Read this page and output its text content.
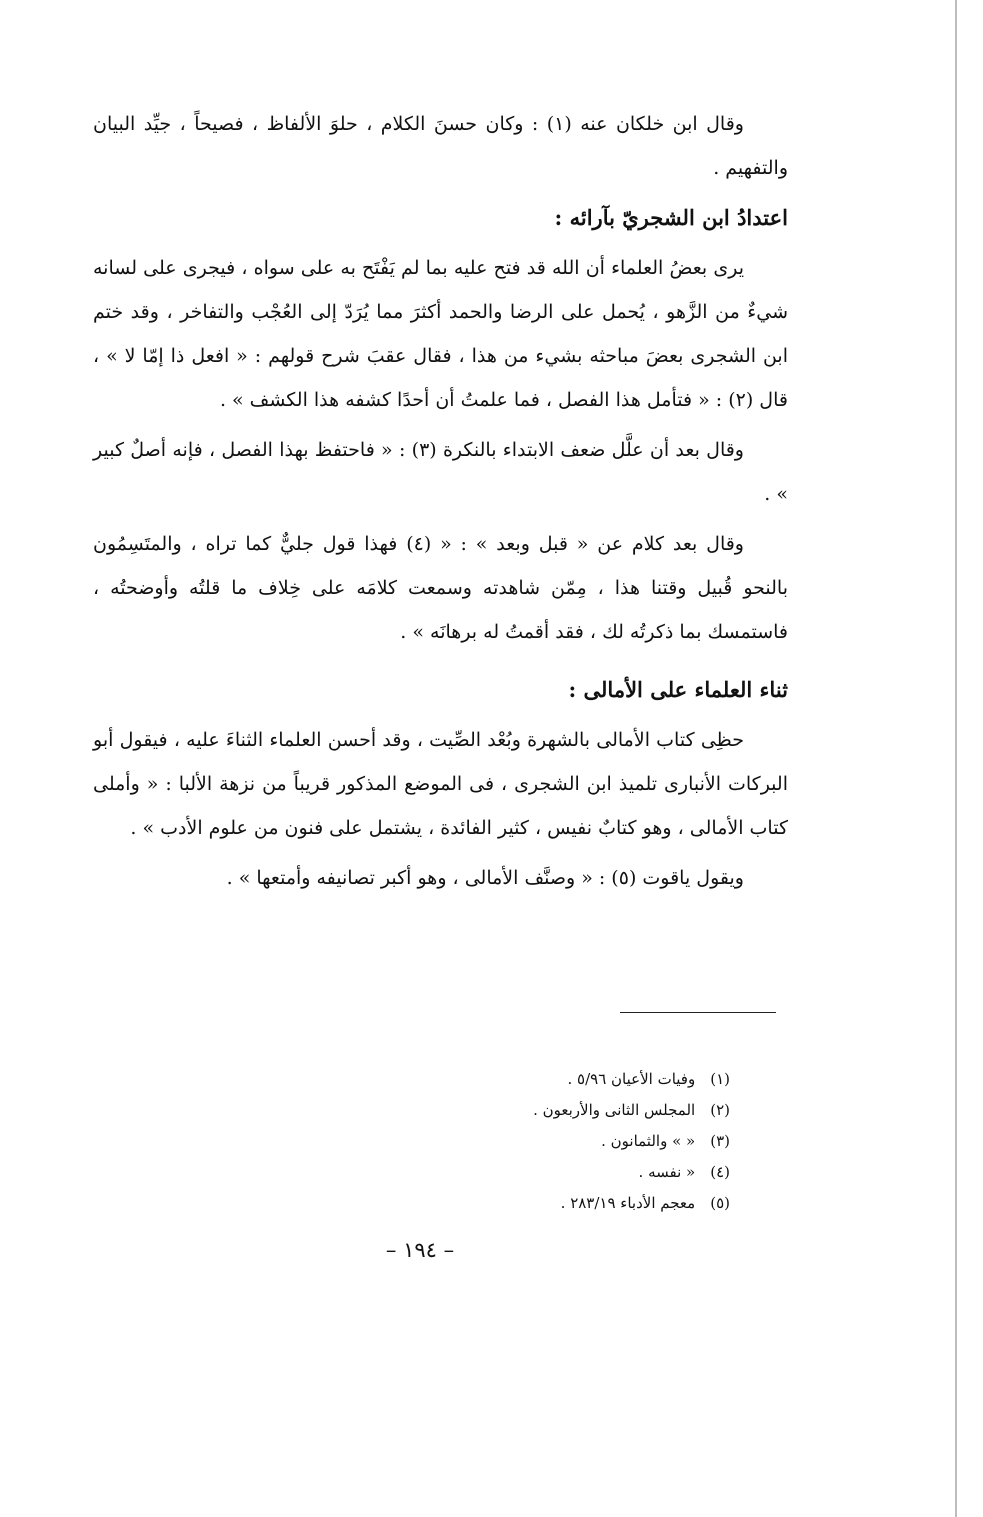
وقال ابن خلكان عنه (١) : وكان حسنَ الكلام ، حلوَ الألفاظ ، فصيحاً ، جيِّد البيان والتفهيم .

اعتدادُ ابن الشجريّ بآرائه :

يرى بعضُ العلماء أن الله قد فتح عليه بما لم يَفْتَح به على سواه ، فيجرى على لسانه شيءٌ من الزَّهو ، يُحمل على الرضا والحمد أكثرَ مما يُرَدّ إلى العُجْب والتفاخر ، وقد ختم ابن الشجرى بعضَ مباحثه بشيء من هذا ، فقال عقبَ شرح قولهم : « افعل ذا إمّا لا » ، قال (٢) : « فتأمل هذا الفصل ، فما علمتُ أن أحدًا كشفه هذا الكشف » .

وقال بعد أن علَّل ضعف الابتداء بالنكرة (٣) : « فاحتفظ بهذا الفصل ، فإنه أصلٌ كبير » .

وقال بعد كلام عن « قبل وبعد » : « (٤) فهذا قول جليٌّ كما تراه ، والمتَسِمُون بالنحو قُبيل وقتنا هذا ، مِمّن شاهدته وسمعت كلامَه على خِلاف ما قلتُه وأوضحتُه ، فاستمسك بما ذكرتُه لك ، فقد أقمتُ له برهانَه » .

ثناء العلماء على الأمالى :

حظِى كتاب الأمالى بالشهرة وبُعْد الصِّيت ، وقد أحسن العلماء الثناءَ عليه ، فيقول أبو البركات الأنبارى تلميذ ابن الشجرى ، فى الموضع المذكور قريباً من نزهة الألبا : « وأملى كتاب الأمالى ، وهو كتابٌ نفيس ، كثير الفائدة ، يشتمل على فنون من علوم الأدب » .

ويقول ياقوت (٥) : « وصنَّف الأمالى ، وهو أكبر تصانيفه وأمتعها » .

(١) وفيات الأعيان ٥/٩٦ .
(٢) المجلس الثانى والأربعون .
(٣) « » والثمانون .
(٤) « نفسه .
(٥) معجم الأدباء ٢٨٣/١٩ .
– ١٩٤ –
